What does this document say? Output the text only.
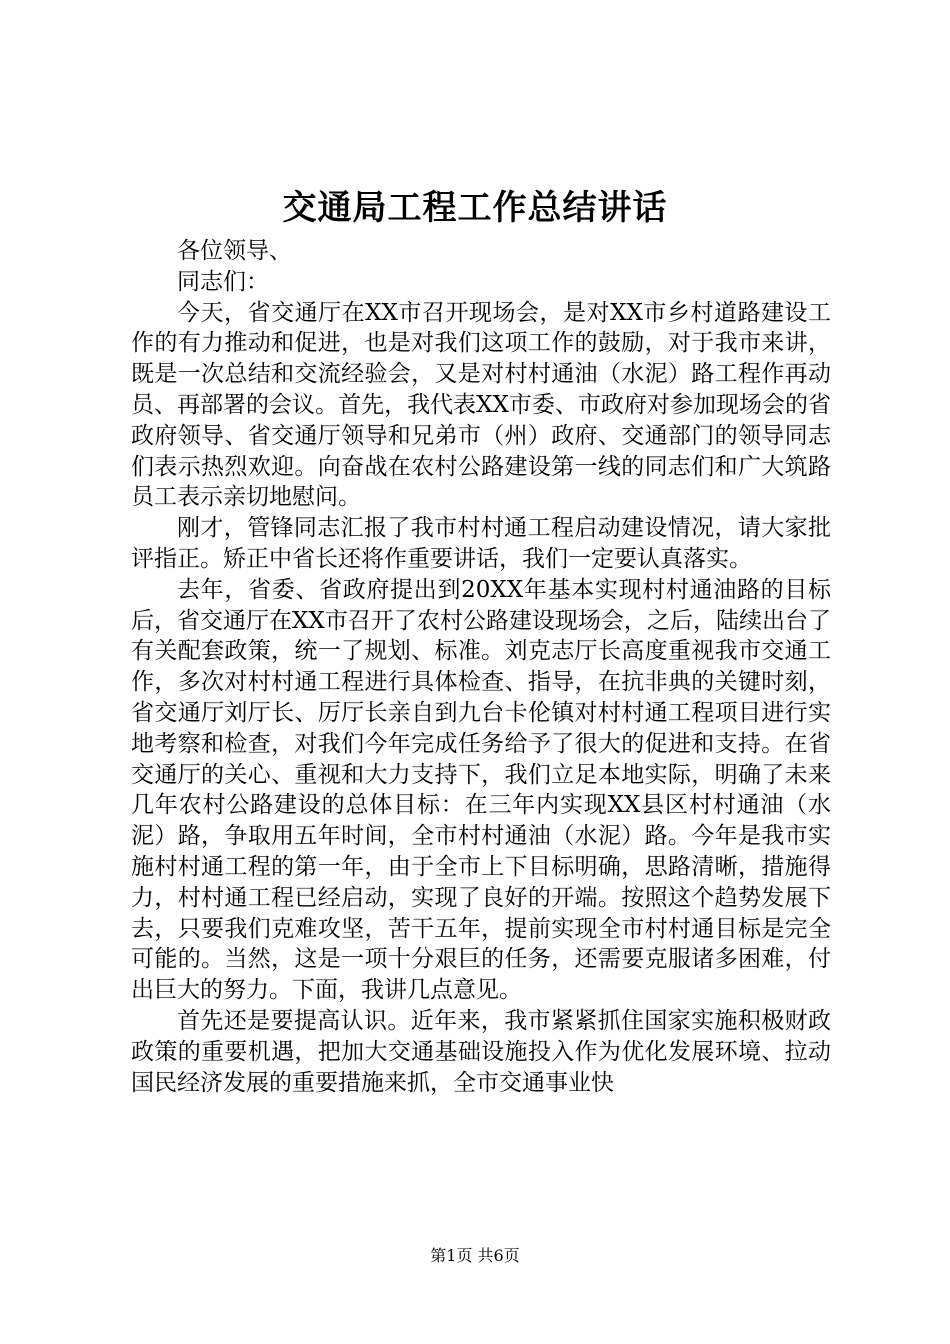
交通局工程工作总结讲话

各位领导、

同志们：

今天，省交通厅在XX市召开现场会，是对XX市乡村道路建设工作的有力推动和促进，也是对我们这项工作的鼓励，对于我市来讲，既是一次总结和交流经验会，又是对村村通油（水泥）路工程作再动员、再部署的会议。首先，我代表XX市委、市政府对参加现场会的省政府领导、省交通厅领导和兄弟市（州）政府、交通部门的领导同志们表示热烈欢迎。向奋战在农村公路建设第一线的同志们和广大筑路员工表示亲切地慰问。

刚才，管锋同志汇报了我市村村通工程启动建设情况，请大家批评指正。矫正中省长还将作重要讲话，我们一定要认真落实。

去年，省委、省政府提出到20XX年基本实现村村通油路的目标后，省交通厅在XX市召开了农村公路建设现场会，之后，陆续出台了有关配套政策，统一了规划、标准。刘克志厅长高度重视我市交通工作，多次对村村通工程进行具体检查、指导，在抗非典的关键时刻，省交通厅刘厅长、厉厅长亲自到九台卡伦镇对村村通工程项目进行实地考察和检查，对我们今年完成任务给予了很大的促进和支持。在省交通厅的关心、重视和大力支持下，我们立足本地实际，明确了未来几年农村公路建设的总体目标：在三年内实现XX县区村村通油（水泥）路，争取用五年时间，全市村村通油（水泥）路。今年是我市实施村村通工程的第一年，由于全市上下目标明确，思路清晰，措施得力，村村通工程已经启动，实现了良好的开端。按照这个趋势发展下去，只要我们克难攻坚，苦干五年，提前实现全市村村通目标是完全可能的。当然，这是一项十分艰巨的任务，还需要克服诸多困难，付出巨大的努力。下面，我讲几点意见。

首先还是要提高认识。近年来，我市紧紧抓住国家实施积极财政政策的重要机遇，把加大交通基础设施投入作为优化发展环境、拉动国民经济发展的重要措施来抓，全市交通事业快

第1页 共6页
